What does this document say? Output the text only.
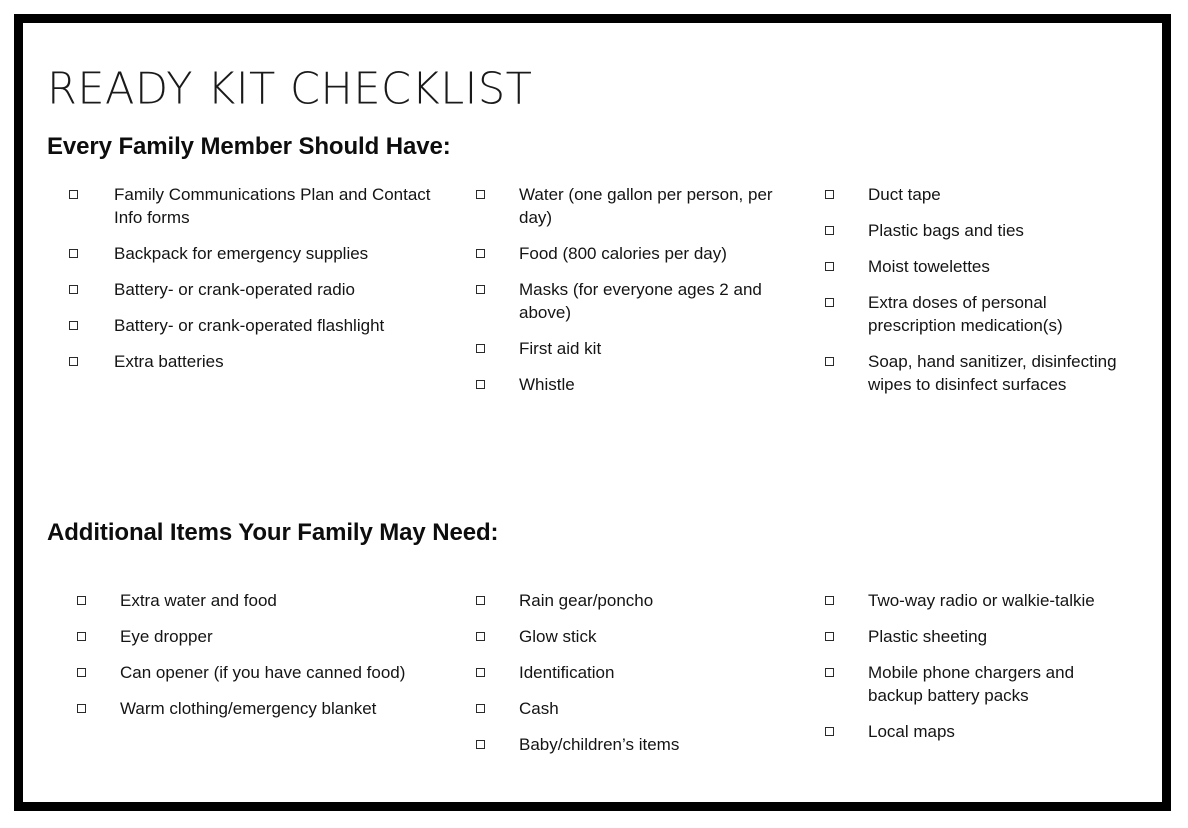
READY KIT CHECKLIST
Every Family Member Should Have:
Family Communications Plan and Contact Info forms
Backpack for emergency supplies
Battery- or crank-operated radio
Battery- or crank-operated flashlight
Extra batteries
Water (one gallon per person, per day)
Food (800 calories per day)
Masks (for everyone ages 2 and above)
First aid kit
Whistle
Duct tape
Plastic bags and ties
Moist towelettes
Extra doses of personal prescription medication(s)
Soap, hand sanitizer, disinfecting wipes to disinfect surfaces
Additional Items Your Family May Need:
Extra water and food
Eye dropper
Can opener (if you have canned food)
Warm clothing/emergency blanket
Rain gear/poncho
Glow stick
Identification
Cash
Baby/children’s items
Two-way radio or walkie-talkie
Plastic sheeting
Mobile phone chargers and backup battery packs
Local maps
